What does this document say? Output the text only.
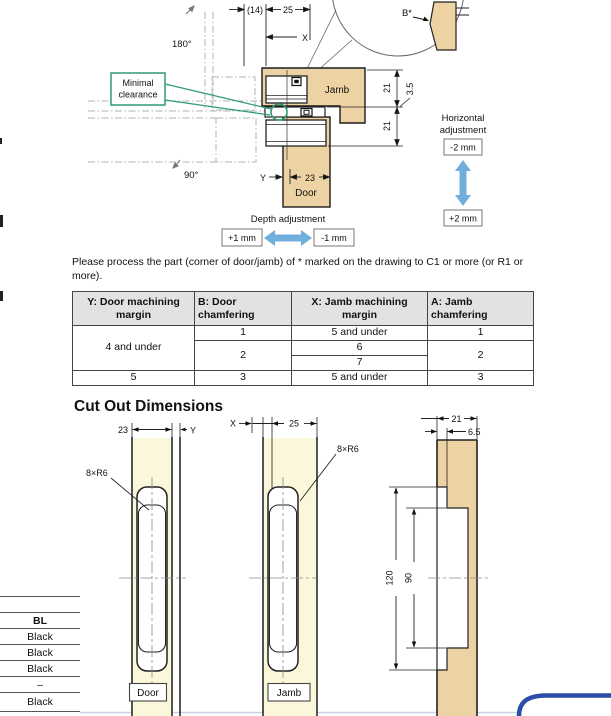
180°
90°
B*
Jamb
Door
Minimal
clearance
(14) 25
X
Y	23
21
21
3.5
Depth adjustment
+1 mm	-1 mm
Horizontal
adjustment
-2 mm
+2 mm
Please process the part (corner of door/jamb) of * marked on the drawing to C1 or more (or R1 or more).
Y: Door machining margin	B: Door chamfering	X: Jamb machining margin	A: Jamb chamfering
4 and under	1	5 and under	1
	2	6	2
		7	
5	3	5 and under	3
Cut Out Dimensions
23	Y
8×R6
Door
X	25
8×R6
Jamb
21
6.5
120 90
BL
Black
Black
Black
–
Black
